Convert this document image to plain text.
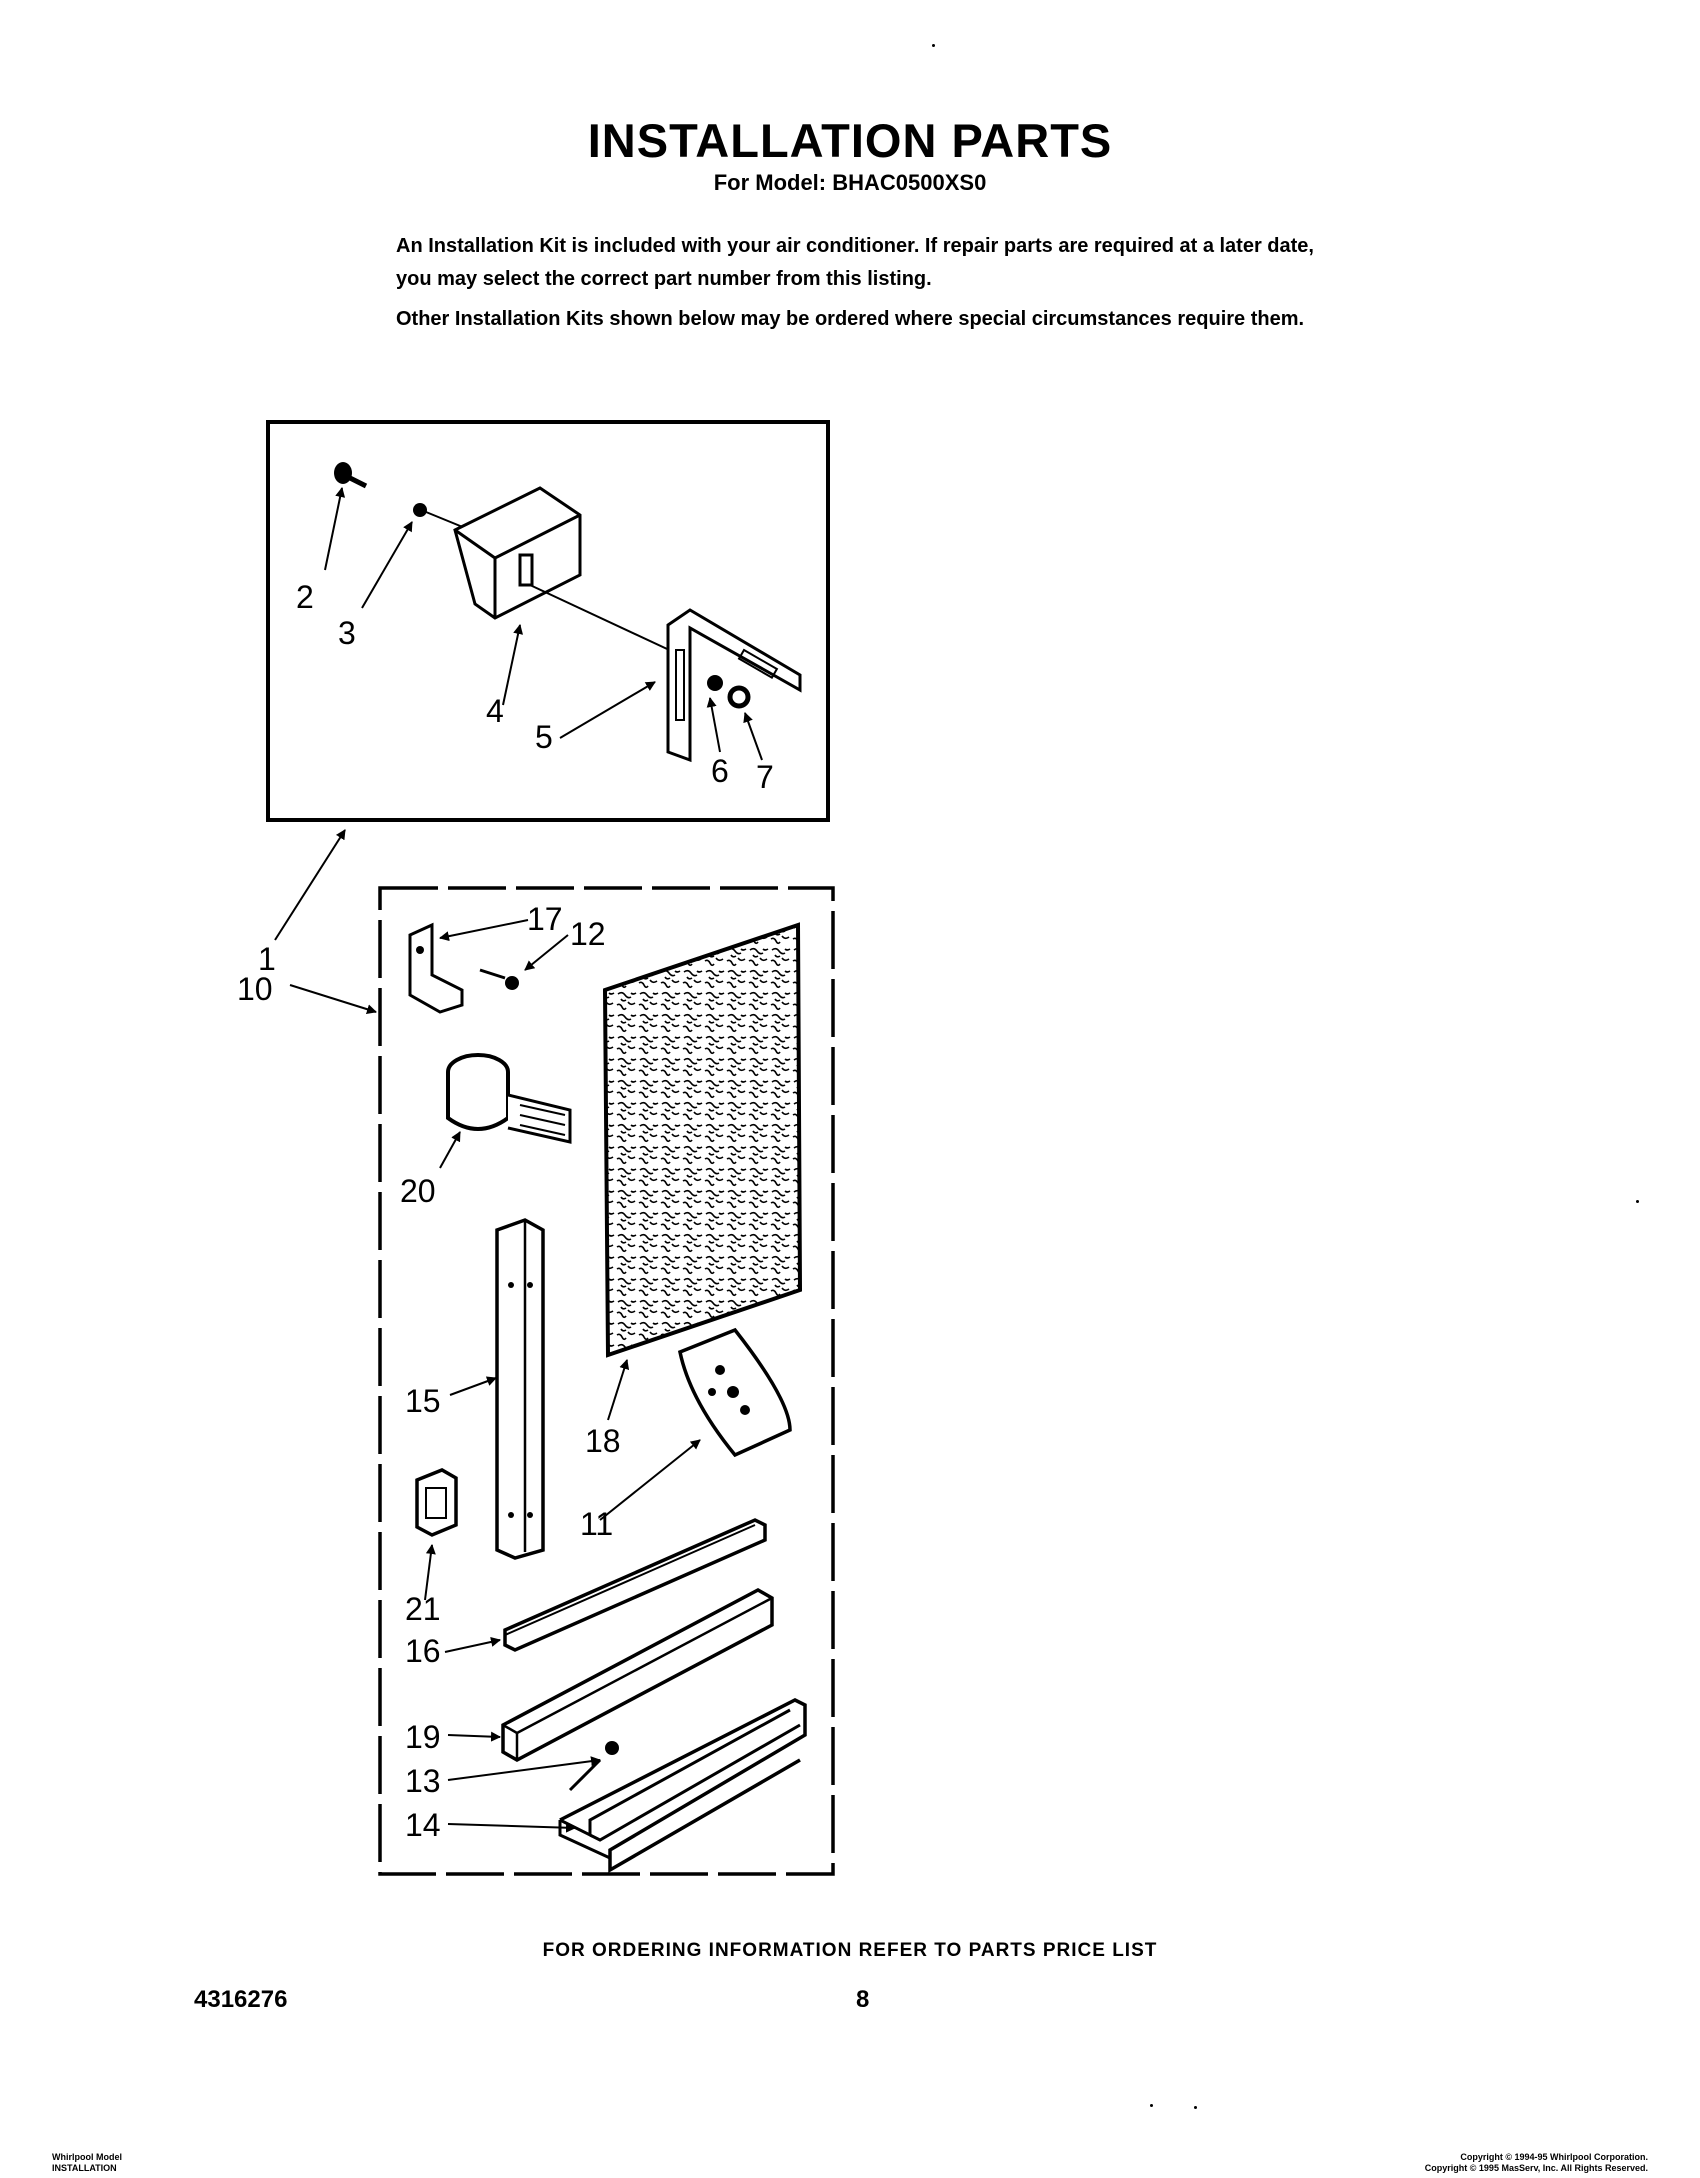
INSTALLATION PARTS
For Model: BHAC0500XS0

An Installation Kit is included with your air conditioner. If repair parts are required at a later date, you may select the correct part number from this listing.

Other Installation Kits shown below may be ordered where special circumstances require them.

2
3
4
5
6 7
1
10
17 12
20
15
18
11
21
16
19
13
14
FOR ORDERING INFORMATION REFER TO PARTS PRICE LIST
4316276	8
Whirlpool Model
INSTALLATION
Copyright © 1994-95 Whirlpool Corporation.
Copyright © 1995 MasServ, Inc. All Rights Reserved.
